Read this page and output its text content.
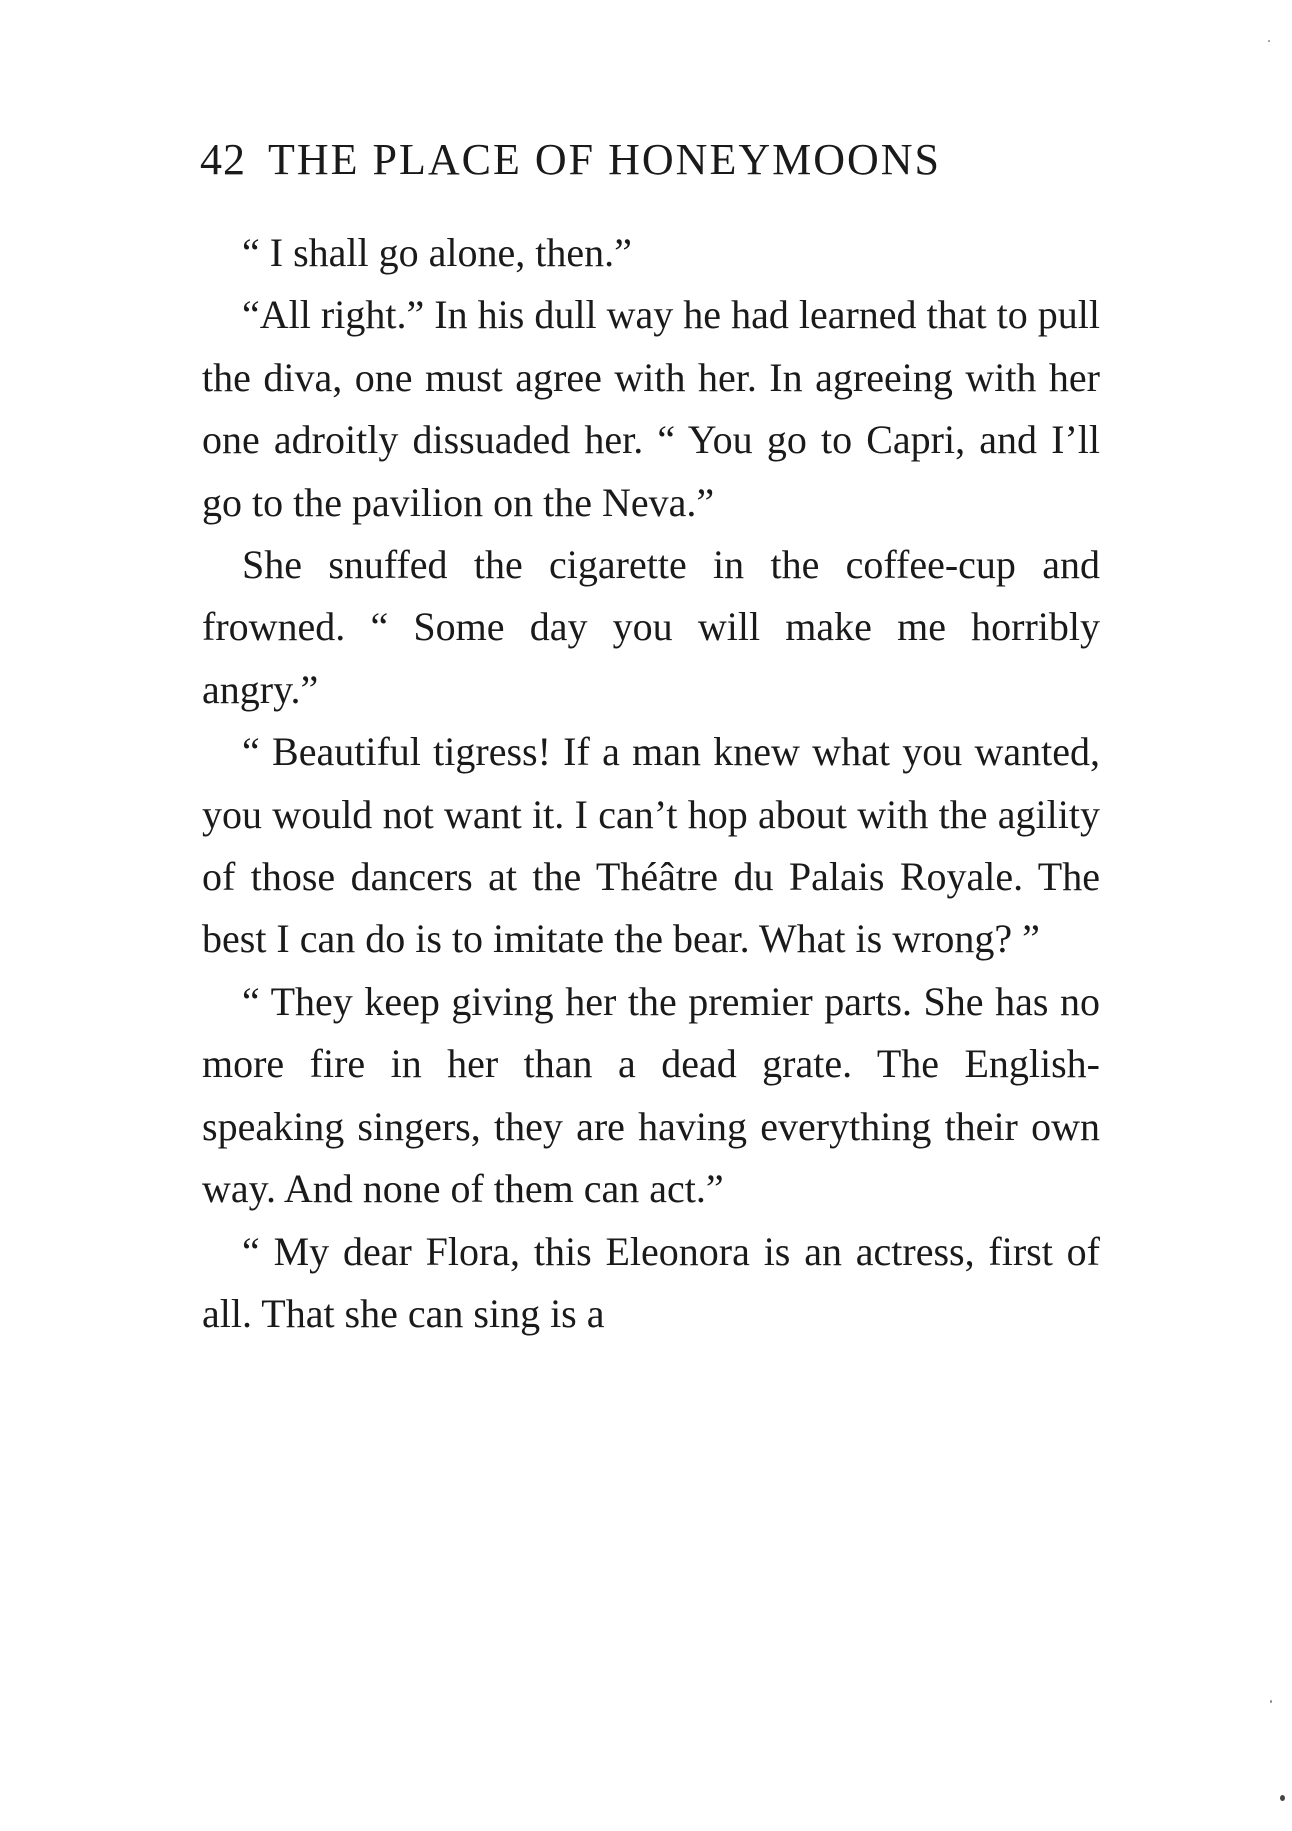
42 THE PLACE OF HONEYMOONS

“ I shall go alone, then.”

“All right.” In his dull way he had learned that to pull the diva, one must agree with her. In agreeing with her one adroitly dissuaded her. “ You go to Capri, and I’ll go to the pavilion on the Neva.”

She snuffed the cigarette in the coffee-cup and frowned. “ Some day you will make me horribly angry.”

“ Beautiful tigress! If a man knew what you wanted, you would not want it. I can’t hop about with the agility of those dancers at the Théâtre du Palais Royale. The best I can do is to imitate the bear. What is wrong? ”

“ They keep giving her the premier parts. She has no more fire in her than a dead grate. The English-speaking singers, they are having everything their own way. And none of them can act.”

“ My dear Flora, this Eleonora is an actress, first of all. That she can sing is a
